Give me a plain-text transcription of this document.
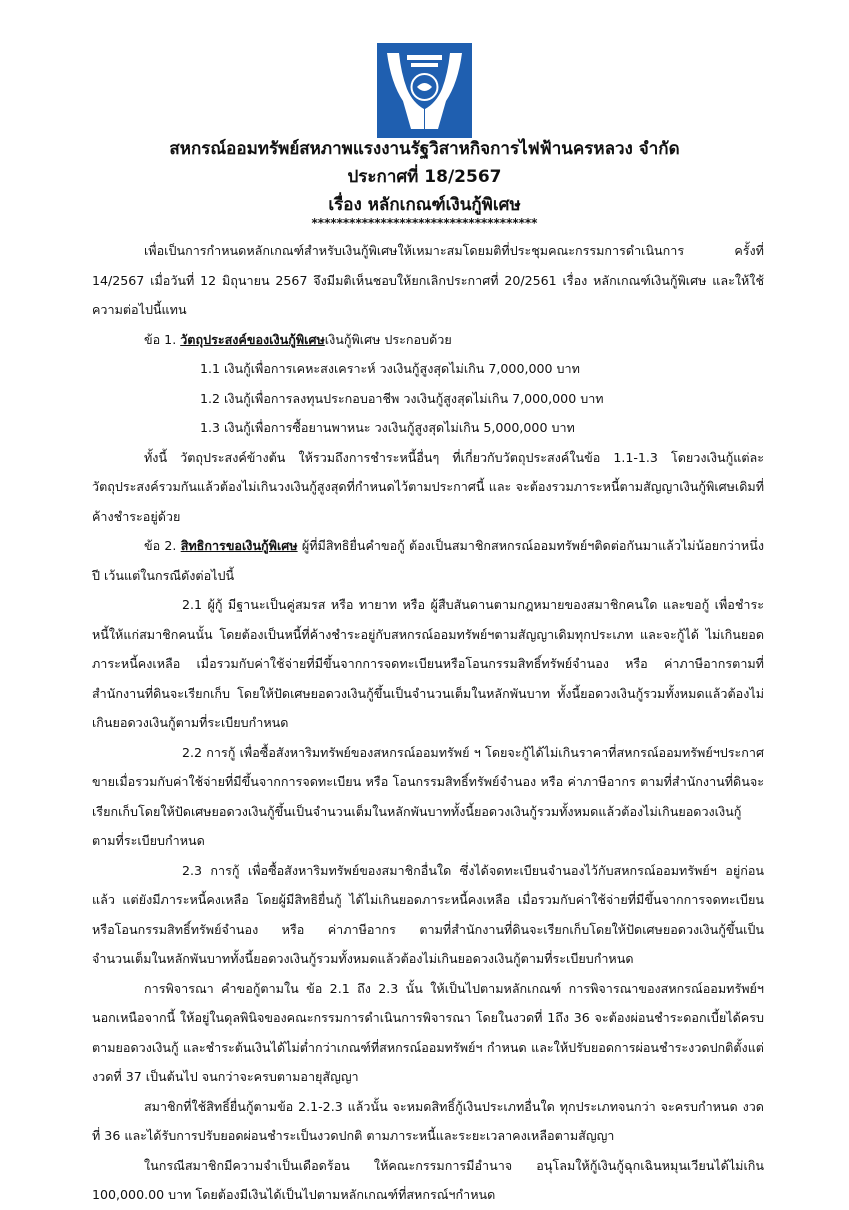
สหกรณ์ออมทรัพย์สหภาพแรงงานรัฐวิสาหกิจการไฟฟ้านครหลวง จำกัด
ประกาศที่ 18/2567
เรื่อง หลักเกณฑ์เงินกู้พิเศษ
************************************

เพื่อเป็นการกำหนดหลักเกณฑ์สำหรับเงินกู้พิเศษให้เหมาะสมโดยมติที่ประชุมคณะกรรมการดำเนินการ ครั้งที่ 14/2567 เมื่อวันที่ 12 มิถุนายน 2567 จึงมีมติเห็นชอบให้ยกเลิกประกาศที่ 20/2561 เรื่อง หลักเกณฑ์เงินกู้พิเศษ และให้ใช้ความต่อไปนี้แทน

ข้อ 1. วัตถุประสงค์ของเงินกู้พิเศษเงินกู้พิเศษ ประกอบด้วย

1.1 เงินกู้เพื่อการเคหะสงเคราะห์ วงเงินกู้สูงสุดไม่เกิน 7,000,000 บาท

1.2 เงินกู้เพื่อการลงทุนประกอบอาชีพ วงเงินกู้สูงสุดไม่เกิน 7,000,000 บาท

1.3 เงินกู้เพื่อการซื้อยานพาหนะ วงเงินกู้สูงสุดไม่เกิน 5,000,000 บาท

ทั้งนี้ วัตถุประสงค์ข้างต้น ให้รวมถึงการชำระหนี้อื่นๆ ที่เกี่ยวกับวัตถุประสงค์ในข้อ 1.1-1.3 โดยวงเงินกู้แต่ละวัตถุประสงค์รวมกันแล้วต้องไม่เกินวงเงินกู้สูงสุดที่กำหนดไว้ตามประกาศนี้ และ จะต้องรวมภาระหนี้ตามสัญญาเงินกู้พิเศษเดิมที่ค้างชำระอยู่ด้วย

ข้อ 2. สิทธิการขอเงินกู้พิเศษ ผู้ที่มีสิทธิยื่นคำขอกู้ ต้องเป็นสมาชิกสหกรณ์ออมทรัพย์ฯติดต่อกันมาแล้วไม่น้อยกว่าหนึ่งปี เว้นแต่ในกรณีดังต่อไปนี้

2.1 ผู้กู้ มีฐานะเป็นคู่สมรส หรือ ทายาท หรือ ผู้สืบสันดานตามกฎหมายของสมาชิกคนใด และขอกู้ เพื่อชำระหนี้ให้แก่สมาชิกคนนั้น โดยต้องเป็นหนี้ที่ค้างชำระอยู่กับสหกรณ์ออมทรัพย์ฯตามสัญญาเดิมทุกประเภท และจะกู้ได้ ไม่เกินยอดภาระหนี้คงเหลือ เมื่อรวมกับค่าใช้จ่ายที่มีขึ้นจากการจดทะเบียนหรือโอนกรรมสิทธิ์ทรัพย์จำนอง หรือ ค่าภาษีอากรตามที่สำนักงานที่ดินจะเรียกเก็บ โดยให้ปัดเศษยอดวงเงินกู้ขึ้นเป็นจำนวนเต็มในหลักพันบาท ทั้งนี้ยอดวงเงินกู้รวมทั้งหมดแล้วต้องไม่เกินยอดวงเงินกู้ตามที่ระเบียบกำหนด

2.2 การกู้ เพื่อซื้อสังหาริมทรัพย์ของสหกรณ์ออมทรัพย์ ฯ โดยจะกู้ได้ไม่เกินราคาที่สหกรณ์ออมทรัพย์ฯประกาศขายเมื่อรวมกับค่าใช้จ่ายที่มีขึ้นจากการจดทะเบียน หรือ โอนกรรมสิทธิ์ทรัพย์จำนอง หรือ ค่าภาษีอากร ตามที่สำนักงานที่ดินจะเรียกเก็บโดยให้ปัดเศษยอดวงเงินกู้ขึ้นเป็นจำนวนเต็มในหลักพันบาททั้งนี้ยอดวงเงินกู้รวมทั้งหมดแล้วต้องไม่เกินยอดวงเงินกู้ตามที่ระเบียบกำหนด

2.3 การกู้ เพื่อซื้อสังหาริมทรัพย์ของสมาชิกอื่นใด ซึ่งได้จดทะเบียนจำนองไว้กับสหกรณ์ออมทรัพย์ฯ อยู่ก่อนแล้ว แต่ยังมีภาระหนี้คงเหลือ โดยผู้มีสิทธิยื่นกู้ ได้ไม่เกินยอดภาระหนี้คงเหลือ เมื่อรวมกับค่าใช้จ่ายที่มีขึ้นจากการจดทะเบียนหรือโอนกรรมสิทธิ์ทรัพย์จำนอง หรือ ค่าภาษีอากร ตามที่สำนักงานที่ดินจะเรียกเก็บโดยให้ปัดเศษยอดวงเงินกู้ขึ้นเป็นจำนวนเต็มในหลักพันบาททั้งนี้ยอดวงเงินกู้รวมทั้งหมดแล้วต้องไม่เกินยอดวงเงินกู้ตามที่ระเบียบกำหนด

การพิจารณา คำขอกู้ตามใน ข้อ 2.1 ถึง 2.3 นั้น ให้เป็นไปตามหลักเกณฑ์ การพิจารณาของสหกรณ์ออมทรัพย์ฯ นอกเหนือจากนี้ ให้อยู่ในดุลพินิจของคณะกรรมการดำเนินการพิจารณา โดยในงวดที่ 1ถึง 36 จะต้องผ่อนชำระดอกเบี้ยได้ครบตามยอดวงเงินกู้ และชำระต้นเงินได้ไม่ต่ำกว่าเกณฑ์ที่สหกรณ์ออมทรัพย์ฯ กำหนด และให้ปรับยอดการผ่อนชำระงวดปกติตั้งแต่งวดที่ 37 เป็นต้นไป จนกว่าจะครบตามอายุสัญญา

สมาชิกที่ใช้สิทธิ์ยื่นกู้ตามข้อ 2.1-2.3 แล้วนั้น จะหมดสิทธิ์กู้เงินประเภทอื่นใด ทุกประเภทจนกว่า จะครบกำหนด งวดที่ 36 และได้รับการปรับยอดผ่อนชำระเป็นงวดปกติ ตามภาระหนี้และระยะเวลาคงเหลือตามสัญญา

ในกรณีสมาชิกมีความจำเป็นเดือดร้อน ให้คณะกรรมการมีอำนาจ อนุโลมให้กู้เงินกู้ฉุกเฉินหมุนเวียนได้ไม่เกิน 100,000.00 บาท โดยต้องมีเงินได้เป็นไปตามหลักเกณฑ์ที่สหกรณ์ฯกำหนด
